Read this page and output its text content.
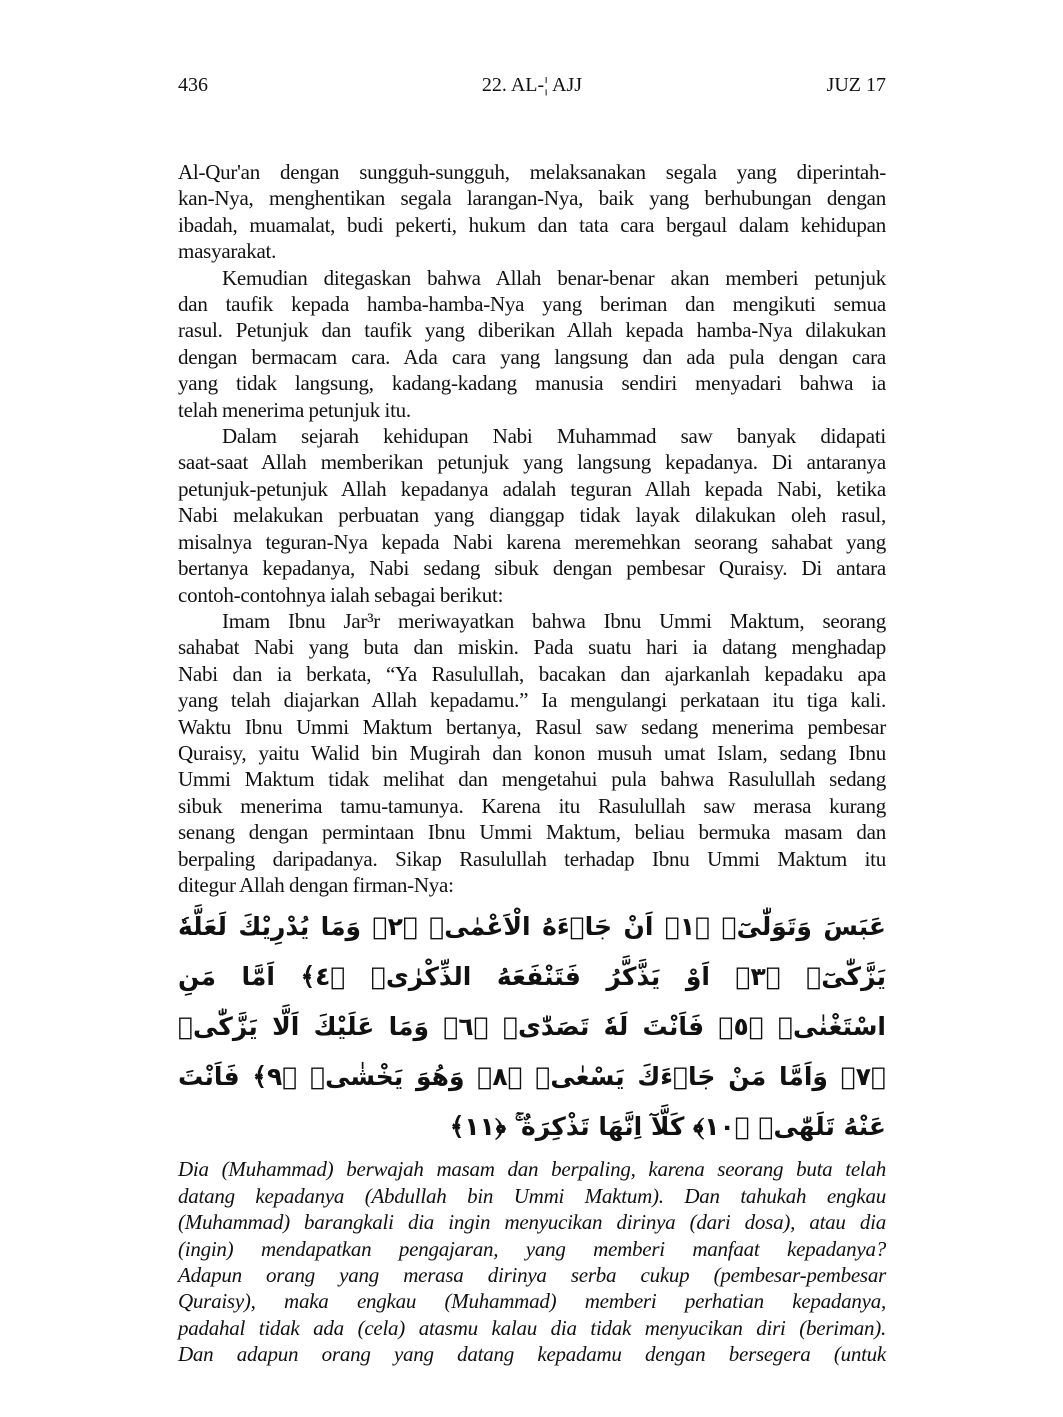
436	22. AL-¦ AJJ	JUZ 17
Al-Qur'an dengan sungguh-sungguh, melaksanakan segala yang diperintah-
kan-Nya, menghentikan segala larangan-Nya, baik yang berhubungan dengan
ibadah, muamalat, budi pekerti, hukum dan tata cara bergaul dalam kehidupan
masyarakat.
Kemudian ditegaskan bahwa Allah benar-benar akan memberi petunjuk
dan taufik kepada hamba-hamba-Nya yang beriman dan mengikuti semua
rasul. Petunjuk dan taufik yang diberikan Allah kepada hamba-Nya dilakukan
dengan bermacam cara. Ada cara yang langsung dan ada pula dengan cara
yang tidak langsung, kadang-kadang manusia sendiri menyadari bahwa ia
telah menerima petunjuk itu.
Dalam sejarah kehidupan Nabi Muhammad saw banyak didapati
saat-saat Allah memberikan petunjuk yang langsung kepadanya. Di antaranya
petunjuk-petunjuk Allah kepadanya adalah teguran Allah kepada Nabi, ketika
Nabi melakukan perbuatan yang dianggap tidak layak dilakukan oleh rasul,
misalnya teguran-Nya kepada Nabi karena meremehkan seorang sahabat yang
bertanya kepadanya, Nabi sedang sibuk dengan pembesar Quraisy. Di antara
contoh-contohnya ialah sebagai berikut:
Imam Ibnu Jar³r meriwayatkan bahwa Ibnu Ummi Maktum, seorang
sahabat Nabi yang buta dan miskin. Pada suatu hari ia datang menghadap
Nabi dan ia berkata, “Ya Rasulullah, bacakan dan ajarkanlah kepadaku apa
yang telah diajarkan Allah kepadamu.” Ia mengulangi perkataan itu tiga kali.
Waktu Ibnu Ummi Maktum bertanya, Rasul saw sedang menerima pembesar
Quraisy, yaitu Walid bin Mugirah dan konon musuh umat Islam, sedang Ibnu
Ummi Maktum tidak melihat dan mengetahui pula bahwa Rasulullah sedang
sibuk menerima tamu-tamunya. Karena itu Rasulullah saw merasa kurang
senang dengan permintaan Ibnu Ummi Maktum, beliau bermuka masam dan
berpaling daripadanya. Sikap Rasulullah terhadap Ibnu Ummi Maktum itu
ditegur Allah dengan firman-Nya:
عَبَسَ وَتَوَلّٰىٓۙ ﴿١﴾ اَنْ جَاۤءَهُ الْاَعْمٰىۗ ﴿٢﴾ وَمَا يُدْرِيْكَ لَعَلَّهٗ يَزَّكّٰىٓۙ ﴿٣﴾ اَوْ يَذَّكَّرُ فَتَنْفَعَهُ الذِّكْرٰىۗ ﴿٤﴾ اَمَّا مَنِ
اسْتَغْنٰىۙ ﴿٥﴾ فَاَنْتَ لَهٗ تَصَدّٰىۗ ﴿٦﴾ وَمَا عَلَيْكَ اَلَّا يَزَّكّٰىۗ ﴿٧﴾ وَاَمَّا مَنْ جَاۤءَكَ يَسْعٰىۙ ﴿٨﴾ وَهُوَ يَخْشٰىۙ ﴿٩﴾ فَاَنْتَ
عَنْهُ تَلَهّٰىۚ ﴿١٠﴾ كَلَّآ اِنَّهَا تَذْكِرَةٌ ۚ ﴿١١﴾
Dia (Muhammad) berwajah masam dan berpaling, karena seorang buta telah
datang kepadanya (Abdullah bin Ummi Maktum). Dan tahukah engkau
(Muhammad) barangkali dia ingin menyucikan dirinya (dari dosa), atau dia
(ingin) mendapatkan pengajaran, yang memberi manfaat kepadanya?
Adapun orang yang merasa dirinya serba cukup (pembesar-pembesar
Quraisy), maka engkau (Muhammad) memberi perhatian kepadanya,
padahal tidak ada (cela) atasmu kalau dia tidak menyucikan diri (beriman).
Dan adapun orang yang datang kepadamu dengan bersegera (untuk
